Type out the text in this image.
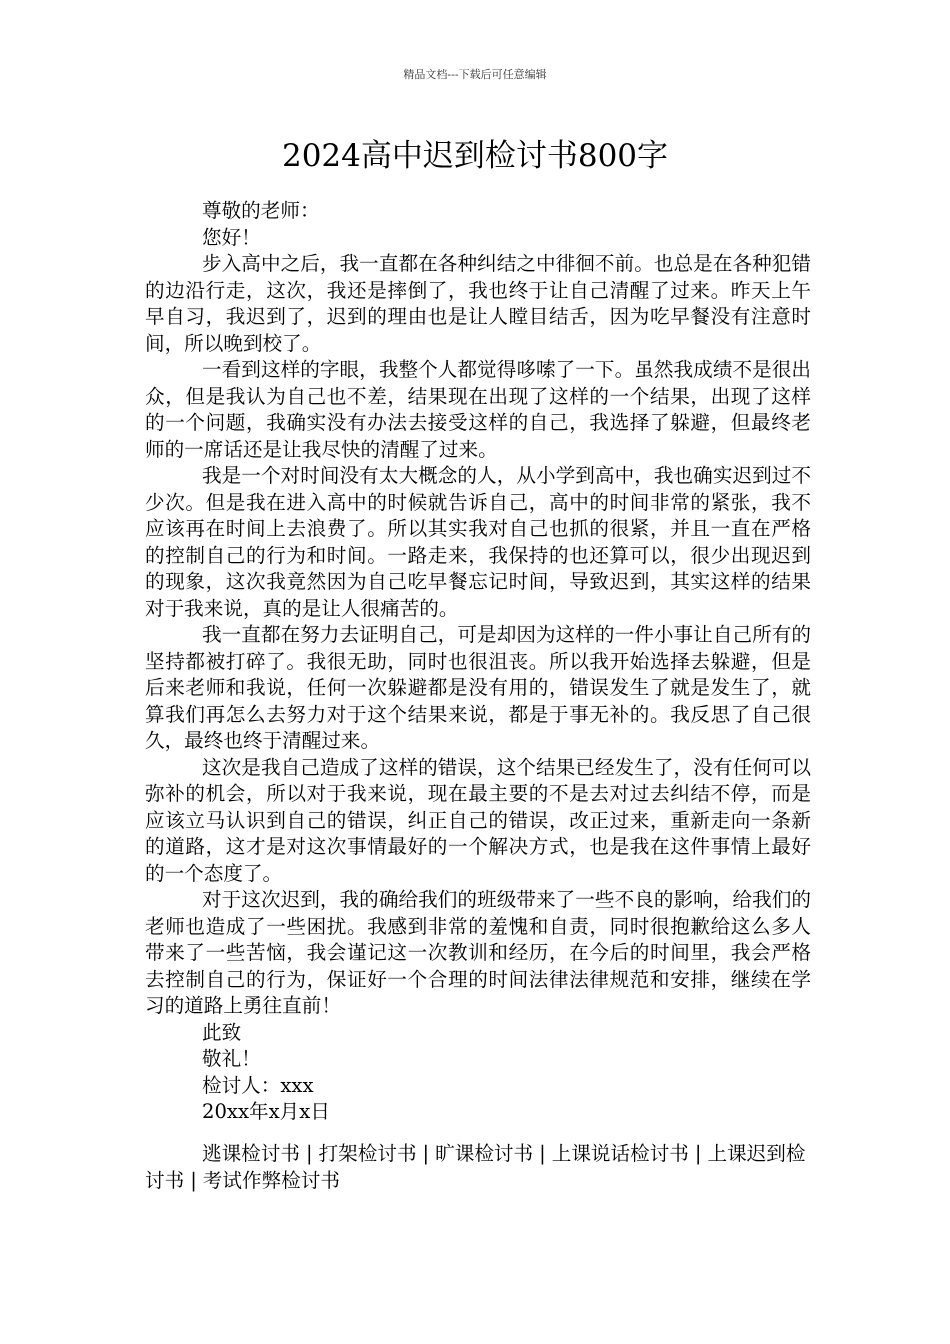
精品文档---下载后可任意编辑
2024高中迟到检讨书800字

尊敬的老师：

您好！

步入高中之后，我一直都在各种纠结之中徘徊不前。也总是在各种犯错的边沿行走，这次，我还是摔倒了，我也终于让自己清醒了过来。昨天上午早自习，我迟到了，迟到的理由也是让人瞠目结舌，因为吃早餐没有注意时间，所以晚到校了。

一看到这样的字眼，我整个人都觉得哆嗦了一下。虽然我成绩不是很出众，但是我认为自己也不差，结果现在出现了这样的一个结果，出现了这样的一个问题，我确实没有办法去接受这样的自己，我选择了躲避，但最终老师的一席话还是让我尽快的清醒了过来。

我是一个对时间没有太大概念的人，从小学到高中，我也确实迟到过不少次。但是我在进入高中的时候就告诉自己，高中的时间非常的紧张，我不应该再在时间上去浪费了。所以其实我对自己也抓的很紧，并且一直在严格的控制自己的行为和时间。一路走来，我保持的也还算可以，很少出现迟到的现象，这次我竟然因为自己吃早餐忘记时间，导致迟到，其实这样的结果对于我来说，真的是让人很痛苦的。

我一直都在努力去证明自己，可是却因为这样的一件小事让自己所有的坚持都被打碎了。我很无助，同时也很沮丧。所以我开始选择去躲避，但是后来老师和我说，任何一次躲避都是没有用的，错误发生了就是发生了，就算我们再怎么去努力对于这个结果来说，都是于事无补的。我反思了自己很久，最终也终于清醒过来。

这次是我自己造成了这样的错误，这个结果已经发生了，没有任何可以弥补的机会，所以对于我来说，现在最主要的不是去对过去纠结不停，而是应该立马认识到自己的错误，纠正自己的错误，改正过来，重新走向一条新的道路，这才是对这次事情最好的一个解决方式，也是我在这件事情上最好的一个态度了。

对于这次迟到，我的确给我们的班级带来了一些不良的影响，给我们的老师也造成了一些困扰。我感到非常的羞愧和自责，同时很抱歉给这么多人带来了一些苦恼，我会谨记这一次教训和经历，在今后的时间里，我会严格去控制自己的行为，保证好一个合理的时间法律法律规范和安排，继续在学习的道路上勇往直前！

此致

敬礼！

检讨人：xxx

20xx年x月x日

逃课检讨书 | 打架检讨书 | 旷课检讨书 | 上课说话检讨书 | 上课迟到检讨书 | 考试作弊检讨书
